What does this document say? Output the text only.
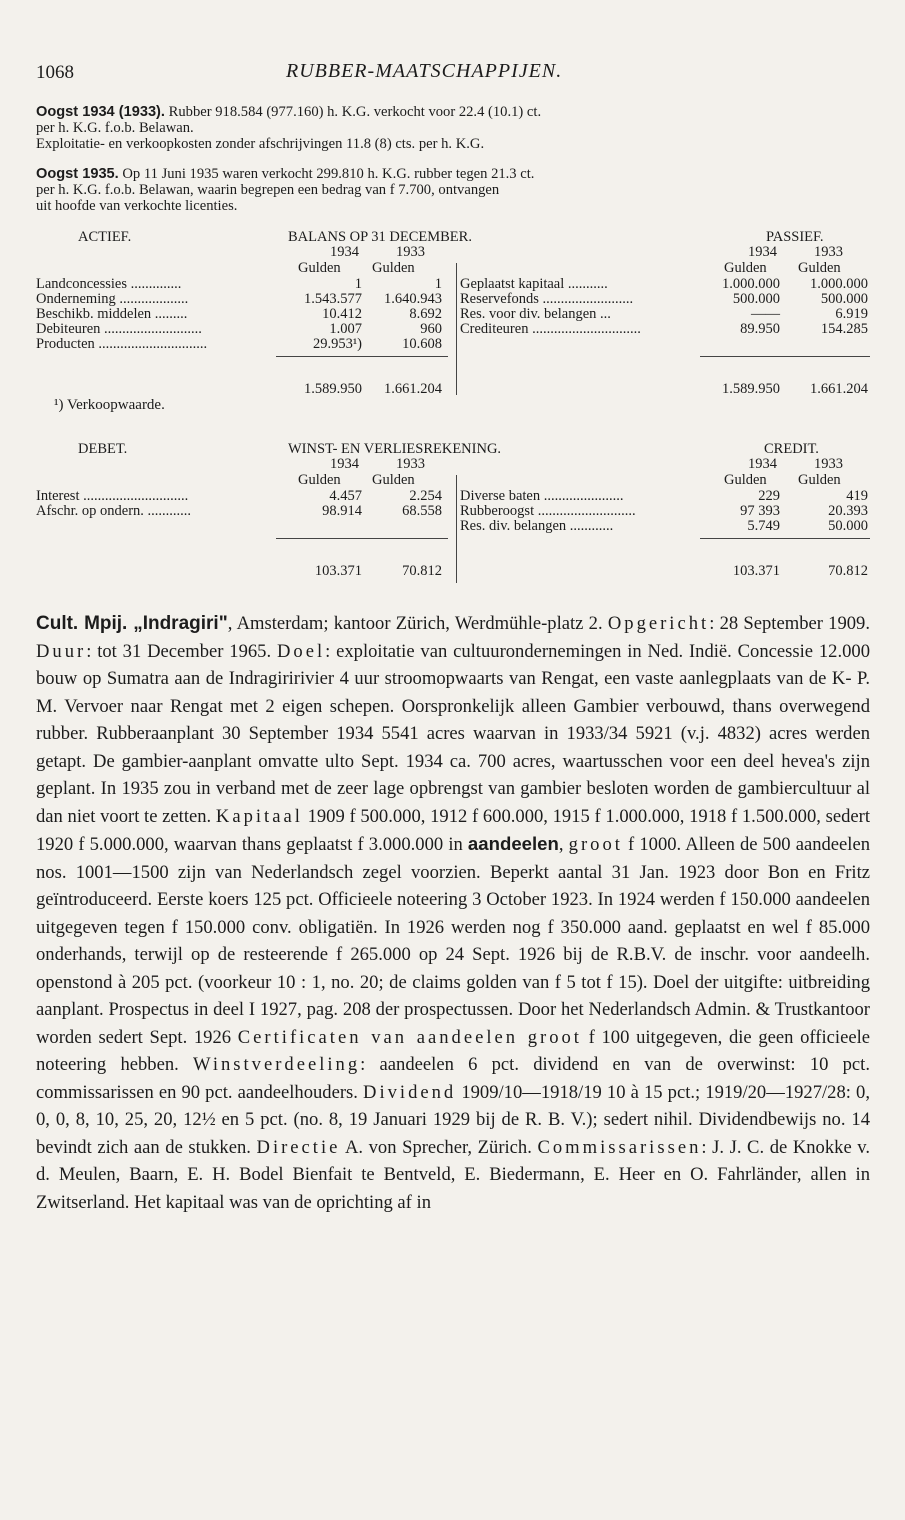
1068	RUBBER-MAATSCHAPPIJEN.

Oogst 1934 (1933). Rubber 918.584 (977.160) h. K.G. verkocht voor 22.4 (10.1) ct.

per h. K.G. f.o.b. Belawan.

Exploitatie- en verkoopkosten zonder afschrijvingen 11.8 (8) cts. per h. K.G.

Oogst 1935. Op 11 Juni 1935 waren verkocht 299.810 h. K.G. rubber tegen 21.3 ct.

per h. K.G. f.o.b. Belawan, waarin begrepen een bedrag van f 7.700, ontvangen

uit hoofde van verkochte licenties.

ACTIEF.	BALANS OP 31 DECEMBER.	PASSIEF.
1934	1933	1934	1933
Gulden Gulden	Gulden Gulden
Landconcessies ..............	1	1
Onderneming ...................	1.543.577	1.640.943
Beschikb. middelen .........	10.412	8.692
Debiteuren ...........................	1.007	960
Producten ..............................	29.953¹)	10.608
Geplaatst kapitaal ...........	1.000.000	1.000.000
Reservefonds .........................	500.000	500.000
Res. voor div. belangen ...	——	6.919
Crediteuren ..............................	89.950	154.285
1.589.950	1.661.204	1.589.950	1.661.204
¹) Verkoopwaarde.
DEBET.	WINST- EN VERLIESREKENING.	CREDIT.
1934	1933	1934	1933
Gulden Gulden	Gulden Gulden
Interest .............................	4.457	2.254
Afschr. op ondern. ............	98.914	68.558
Diverse baten ......................	229	419
Rubberoogst ...........................	97 393	20.393
Res. div. belangen ............	5.749	50.000
103.371	70.812	103.371	70.812

Cult. Mpij. „Indragiri", Amsterdam; kantoor Zürich, Werdmühle-platz 2. Opgericht: 28 September 1909. Duur: tot 31 December 1965. Doel: exploitatie van cultuurondernemingen in Ned. Indië. Concessie 12.000 bouw op Sumatra aan de Indragiririvier 4 uur stroomopwaarts van Rengat, een vaste aanlegplaats van de K- P. M. Vervoer naar Rengat met 2 eigen schepen. Oorspronkelijk alleen Gambier verbouwd, thans overwegend rubber. Rubberaanplant 30 September 1934 5541 acres waarvan in 1933/34 5921 (v.j. 4832) acres werden getapt. De gambier-aanplant omvatte ulto Sept. 1934 ca. 700 acres, waartusschen voor een deel hevea's zijn geplant. In 1935 zou in verband met de zeer lage opbrengst van gambier besloten worden de gambiercultuur al dan niet voort te zetten. Kapitaal 1909 f 500.000, 1912 f 600.000, 1915 f 1.000.000, 1918 f 1.500.000, sedert 1920 f 5.000.000, waarvan thans geplaatst f 3.000.000 in aandeelen, groot f 1000. Alleen de 500 aandeelen nos. 1001—1500 zijn van Nederlandsch zegel voorzien. Beperkt aantal 31 Jan. 1923 door Bon en Fritz geïntroduceerd. Eerste koers 125 pct. Officieele noteering 3 October 1923. In 1924 werden f 150.000 aandeelen uitgegeven tegen f 150.000 conv. obligatiën. In 1926 werden nog f 350.000 aand. geplaatst en wel f 85.000 onderhands, terwijl op de resteerende f 265.000 op 24 Sept. 1926 bij de R.B.V. de inschr. voor aandeelh. openstond à 205 pct. (voorkeur 10 : 1, no. 20; de claims golden van f 5 tot f 15). Doel der uitgifte: uitbreiding aanplant. Prospectus in deel I 1927, pag. 208 der prospectussen. Door het Nederlandsch Admin. & Trustkantoor worden sedert Sept. 1926 Certificaten van aandeelen groot f 100 uitgegeven, die geen officieele noteering hebben. Winstverdeeling: aandeelen 6 pct. dividend en van de overwinst: 10 pct. commissarissen en 90 pct. aandeelhouders. Dividend 1909/10—1918/19 10 à 15 pct.; 1919/20—1927/28: 0, 0, 0, 8, 10, 25, 20, 12½ en 5 pct. (no. 8, 19 Januari 1929 bij de R. B. V.); sedert nihil. Dividendbewijs no. 14 bevindt zich aan de stukken. Directie A. von Sprecher, Zürich. Commissarissen: J. J. C. de Knokke v. d. Meulen, Baarn, E. H. Bodel Bienfait te Bentveld, E. Biedermann, E. Heer en O. Fahrländer, allen in Zwitserland. Het kapitaal was van de oprichting af in
